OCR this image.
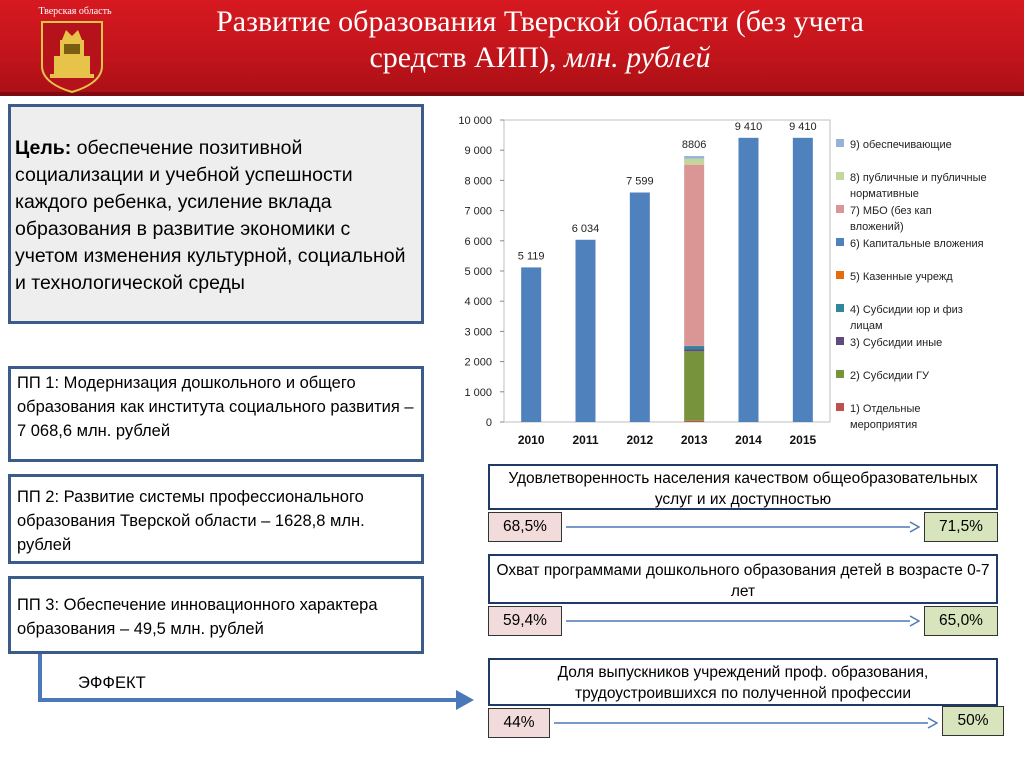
Тверская область	Развитие образования Тверской области (без учета
средств АИП), млн. рублей
Цель: обеспечение позитивной социализации и учебной успешности каждого ребенка, усиление вклада образования в развитие экономики с учетом изменения культурной, социальной и технологической среды
ПП 1: Модернизация дошкольного и общего образования как института социального развития – 7 068,6 млн. рублей
ПП 2: Развитие системы профессионального образования Тверской области – 1628,8 млн. рублей
ПП 3: Обеспечение инновационного характера образования – 49,5 млн. рублей
ЭФФЕКТ
0
1 000
2 000
3 000
4 000
5 000
6 000
7 000
8 000
9 000
10 000
5 119
2010
6 034
2011
7 599
2012
8806
2013
9 410
2014
9 410
2015
9) обеспечивающие
8) публичные и публичные
нормативные
7) МБО (без кап
вложений)
6) Капитальные вложения
5) Казенные учрежд
4) Субсидии юр и физ
лицам
3) Субсидии иные
2) Субсидии ГУ
1) Отдельные
мероприятия
Удовлетворенность населения качеством общеобразовательных услуг и их доступностью
68,5%	71,5%
Охват программами дошкольного образования детей в возрасте 0-7 лет
59,4%	65,0%
Доля выпускников учреждений проф. образования, трудоустроившихся по полученной профессии
44%	50%
